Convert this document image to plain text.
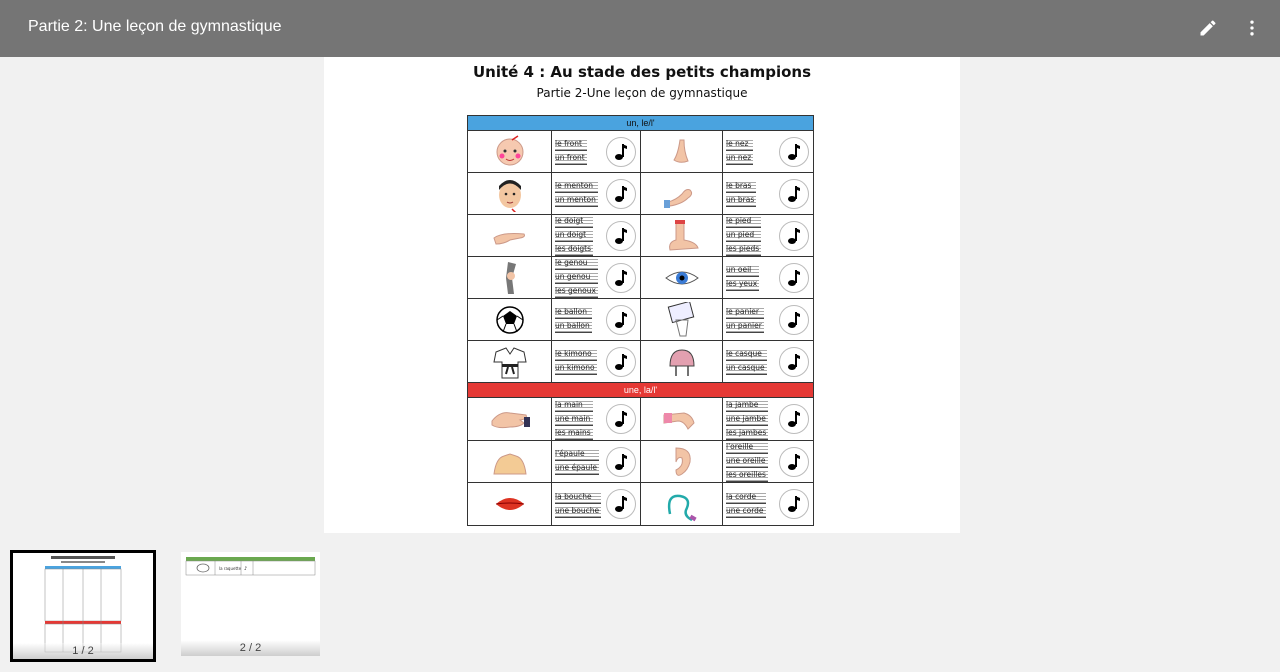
Partie 2: Une leçon de gymnastique
Unité 4 : Au stade des petits champions
Partie 2-Une leçon de gymnastique
un, le/l'
le front
un front
le nez
un nez
le menton
un menton
le bras
un bras
le doigt
un doigt
les doigts
le pied
un pied
les pieds
le genou
un genou
les genoux
un oeil
les yeux
le ballon
un ballon
le panier
un panier
le kimono
un kimono
le casque
un casque
une, la/l'
la main
une main
les mains
la jambe
une jambe
les jambes
l'épaule
une épaule
l'oreille
une oreille
les oreilles
la bouche
une bouche
la corde
une corde
1 / 2
la raquette ♪
2 / 2
